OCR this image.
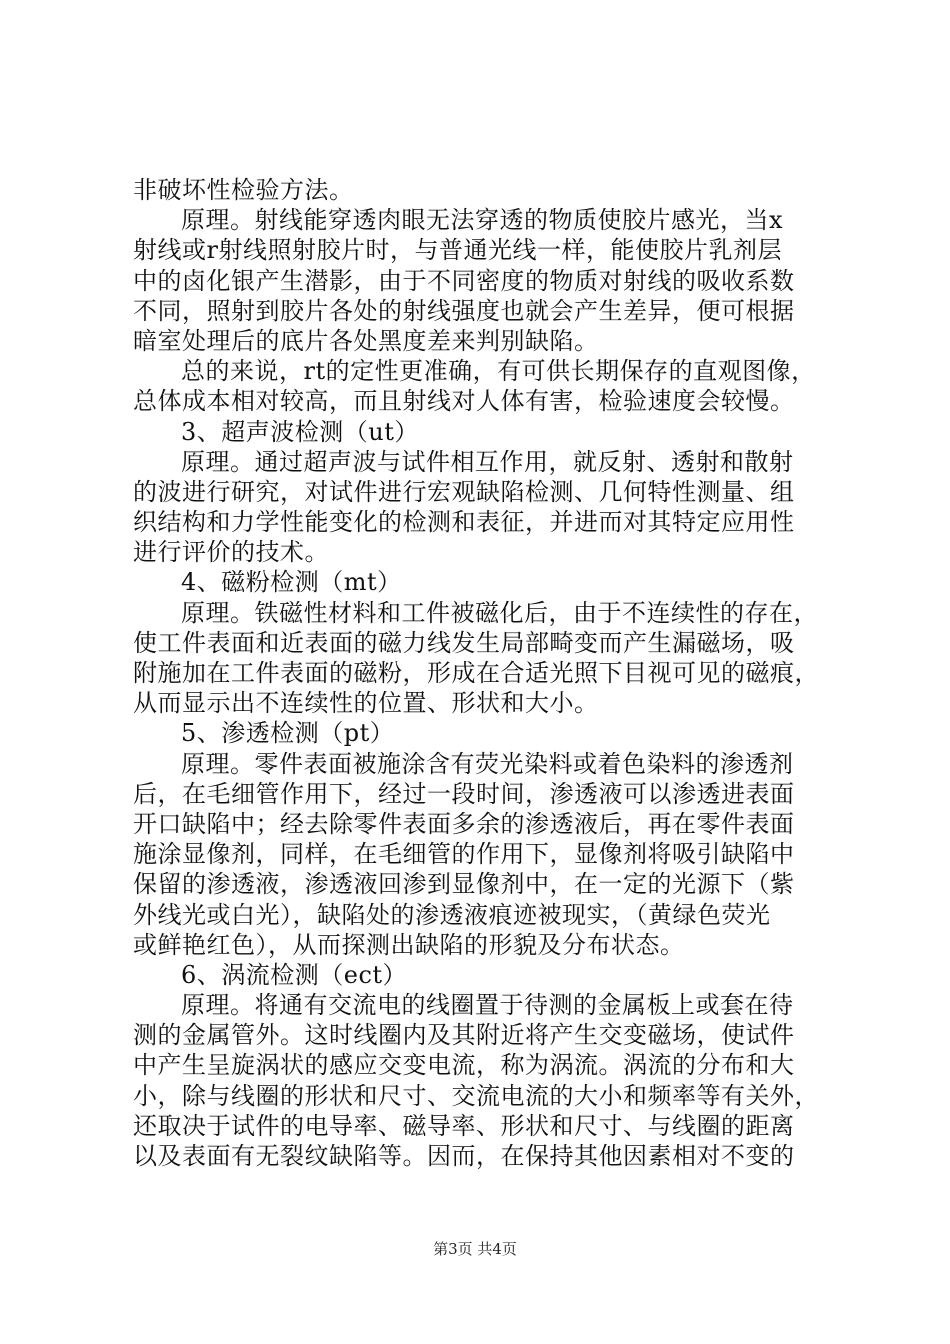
非破坏性检验方法。
原理。射线能穿透肉眼无法穿透的物质使胶片感光，当x
射线或r射线照射胶片时，与普通光线一样，能使胶片乳剂层
中的卤化银产生潜影，由于不同密度的物质对射线的吸收系数
不同，照射到胶片各处的射线强度也就会产生差异，便可根据
暗室处理后的底片各处黑度差来判别缺陷。
总的来说，rt的定性更准确，有可供长期保存的直观图像，
总体成本相对较高，而且射线对人体有害，检验速度会较慢。
3、超声波检测（ut）
原理。通过超声波与试件相互作用，就反射、透射和散射
的波进行研究，对试件进行宏观缺陷检测、几何特性测量、组
织结构和力学性能变化的检测和表征，并进而对其特定应用性
进行评价的技术。
4、磁粉检测（mt）
原理。铁磁性材料和工件被磁化后，由于不连续性的存在，
使工件表面和近表面的磁力线发生局部畸变而产生漏磁场，吸
附施加在工件表面的磁粉，形成在合适光照下目视可见的磁痕，
从而显示出不连续性的位置、形状和大小。
5、渗透检测（pt）
原理。零件表面被施涂含有荧光染料或着色染料的渗透剂
后，在毛细管作用下，经过一段时间，渗透液可以渗透进表面
开口缺陷中；经去除零件表面多余的渗透液后，再在零件表面
施涂显像剂，同样，在毛细管的作用下，显像剂将吸引缺陷中
保留的渗透液，渗透液回渗到显像剂中，在一定的光源下（紫
外线光或白光），缺陷处的渗透液痕迹被现实，（黄绿色荧光
或鲜艳红色），从而探测出缺陷的形貌及分布状态。
6、涡流检测（ect）
原理。将通有交流电的线圈置于待测的金属板上或套在待
测的金属管外。这时线圈内及其附近将产生交变磁场，使试件
中产生呈旋涡状的感应交变电流，称为涡流。涡流的分布和大
小，除与线圈的形状和尺寸、交流电流的大小和频率等有关外，
还取决于试件的电导率、磁导率、形状和尺寸、与线圈的距离
以及表面有无裂纹缺陷等。因而，在保持其他因素相对不变的
第3页 共4页
